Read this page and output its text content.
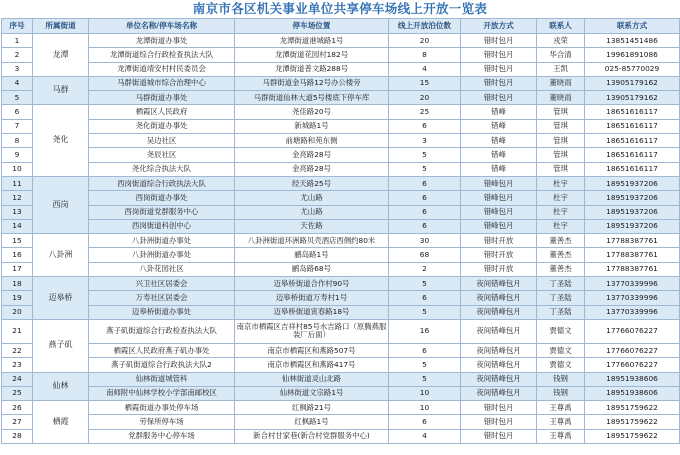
南京市各区机关事业单位共享停车场线上开放一览表
序号	所属街道	单位名称/停车场名称	停车场位置	线上开放泊位数	开放方式	联系人	联系方式
1	龙潭	龙潭街道办事处	龙潭街道港城路1号	20	错时包月	戎荣	13851451486
2		龙潭街道综合行政检查执法大队	龙潭街道花园村182号	8	错时包月	华合清	19961891086
3		龙潭街道靖安村村民委员会	龙潭街道普文路288号	4	错时包月	王凯	025-85770029
4	马群	马群街道城市综合治理中心	马群街道金马路12号办公楼旁	15	错时包月	董晓雨	13905179162
5		马群街道办事处	马群街道仙林大道5号楼底下停车库	20	错时包月	董晓雨	13905179162
6	尧化	栖霞区人民政府	尧佳路20号	25	错峰	管琪	18651616117
7		尧化街道办事处	新城路1号	6	错峰	管琪	18651616117
8		吴边社区	前塘路和苑东侧	3	错峰	管琪	18651616117
9		尧辰社区	金亮路28号	5	错峰	管琪	18651616117
10		尧化综合执法大队	金亮路28号	5	错峰	管琪	18651616117
11	西岗	西岗街道综合行政执法大队	经天路25号	6	错峰包月	杜宇	18951937206
12		西岗街道办事处	尤山路	6	错峰包月	杜宇	18951937206
13		西岗街道党群服务中心	尤山路	6	错峰包月	杜宇	18951937206
14		西岗街道科创中心	天佐路	6	错峰包月	杜宇	18951937206
15	八卦洲	八卦洲街道办事处	八卦洲街道环洲路贝壳酒店西侧约80米	30	错时开放	董善杰	17788387761
16		八卦洲街道办事处	鹂岛路1号	68	错时开放	董善杰	17788387761
17		八卦花园社区	鹂岛路68号	2	错时开放	董善杰	17788387761
18	迈皋桥	兴卫社区居委会	迈皋桥街道合作村90号	5	夜间错峰包月	丁圣陆	13770339996
19		万寿社区居委会	迈皋桥街道万寿村1号	6	夜间错峰包月	丁圣陆	13770339996
20		迈皋桥街道办事处	迈皋桥街道寅春路18号	5	夜间错峰包月	丁圣陆	13770339996
21	燕子矶	燕子矶街道综合行政检查执法大队	南京市栖霞区吉祥村85号水吉路口（原腾燕服装厂后面）	16	夜间错峰包月	贾德文	17766076227
22		栖霞区人民政府燕子矶办事处	南京市栖霞区和燕路507号	6	夜间错峰包月	贾德文	17766076227
23		燕子矶街道综合行政执法大队2	南京市栖霞区和燕路417号	5	夜间错峰包月	贾德文	17766076227
24	仙林	仙林街道城管科	仙林街道灵山北路	5	夜间错峰包月	钱钢	18951938606
25		南师附中仙林学校小学部南邮校区	仙林街道文宗路1号	10	夜间错峰包月	钱钢	18951938606
26	栖霞	栖霞街道办事处停车场	红枫路21号	10	错时包月	王尊禹	18951759622
27		劳保所停车场	红枫路1号	6	错时包月	王尊禹	18951759622
28		党群服务中心停车场	新合村甘家巷(新合村党群服务中心)	4	错时包月	王尊禹	18951759622
